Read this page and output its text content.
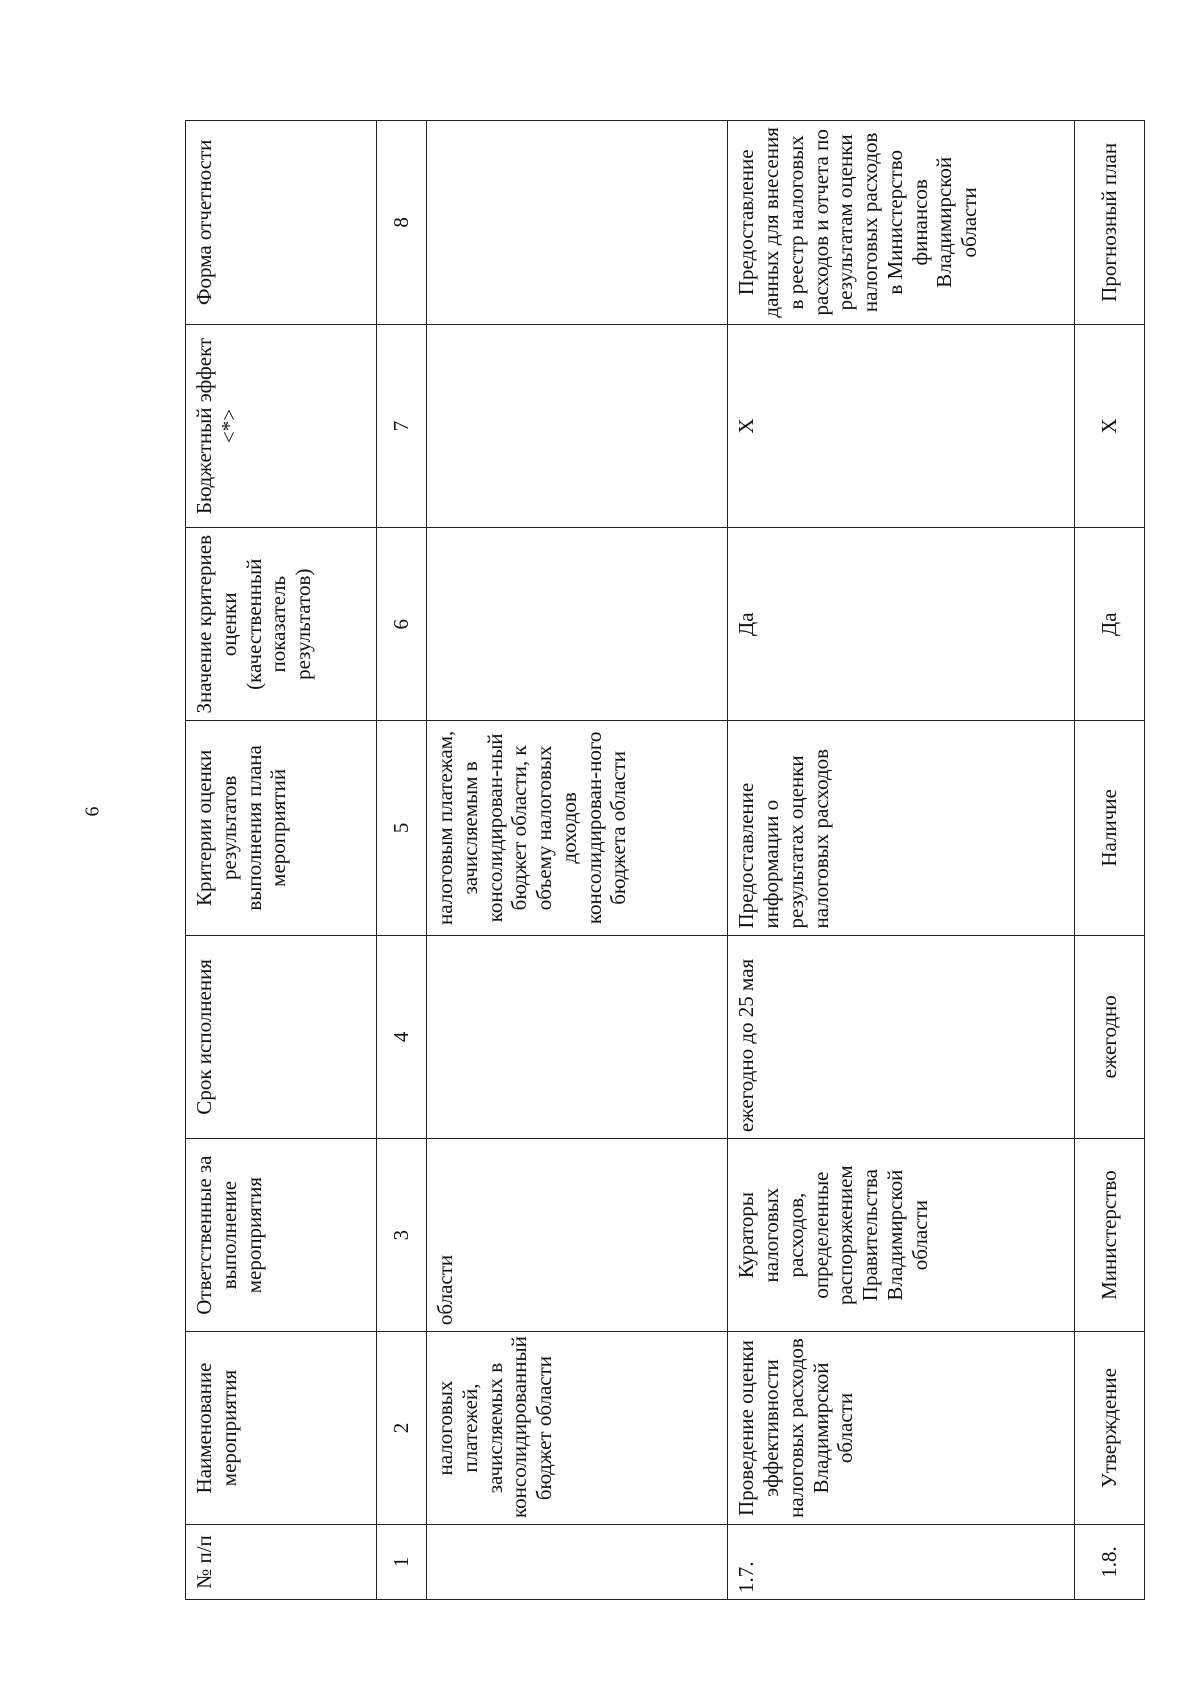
6
№ п/п	Наименование мероприятия	Ответственные за выполнение мероприятия	Срок исполнения	Критерии оценки результатов выполнения плана мероприятий	Значение критериев оценки (качественный показатель результатов)	Бюджетный эффект <*>	Форма отчетности
1	2	3	4	5	6	7	8
	налоговых платежей, зачисляемых в консолидированный бюджет области	области		налоговым платежам, зачисляемым в консолидирован-ный бюджет области, к объему налоговых доходов консолидирован-ного бюджета области			
1.7.	Проведение оценки эффективности налоговых расходов Владимирской области	Кураторы налоговых расходов, определенные распоряжением Правительства Владимирской области	ежегодно до 25 мая	Предоставление информации о результатах оценки налоговых расходов	Да	Х	Предоставление данных для внесения в реестр налоговых расходов и отчета по результатам оценки налоговых расходов в Министерство финансов Владимирской области
1.8.	Утверждение	Министерство	ежегодно	Наличие	Да	Х	Прогнозный план
